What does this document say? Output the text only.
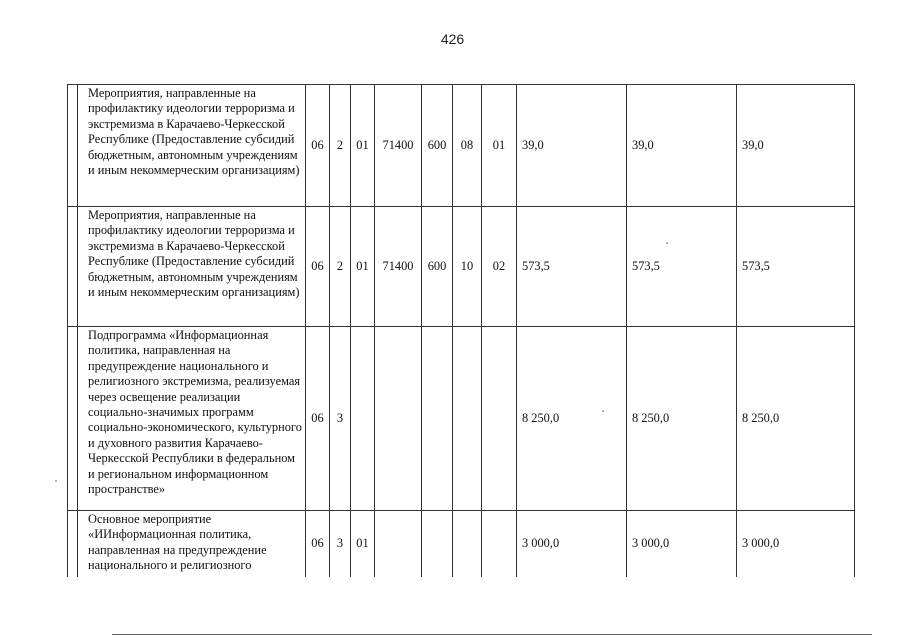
426
	Мероприятия, направленные на профилактику идеологии терроризма и экстремизма в Карачаево-Черкесской Республике (Предоставление субсидий бюджетным, автономным учреждениям и иным некоммерческим организациям)	06	2	01	71400	600	08	01	39,0	39,0	39,0
	Мероприятия, направленные на профилактику идеологии терроризма и экстремизма в Карачаево-Черкесской Республике (Предоставление субсидий бюджетным, автономным учреждениям и иным некоммерческим организациям)	06	2	01	71400	600	10	02	573,5	573,5	573,5
	Подпрограмма «Информационная политика, направленная на предупреждение национального и религиозного экстремизма, реализуемая через освещение реализации социально-значимых программ социально-экономического, культурного и духовного развития Карачаево-Черкесской Республики в федеральном и региональном информационном пространстве»	06	3						8 250,0	8 250,0	8 250,0
	Основное мероприятие «ИИнформационная политика, направленная на предупреждение национального и религиозного	06	3	01					3 000,0	3 000,0	3 000,0
